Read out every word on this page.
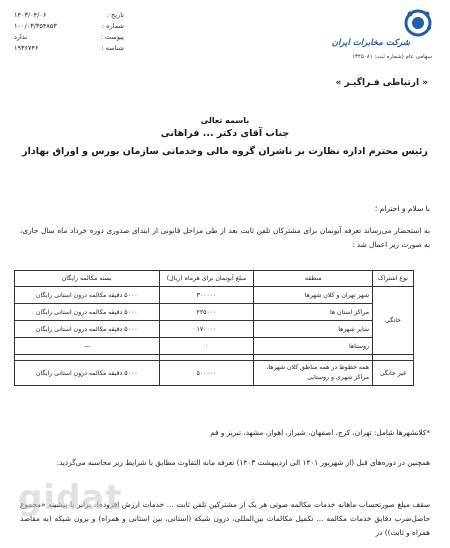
تاریخ :
۱۴۰۳/۰۴/۰۶
شماره :
۱۰۰/۰۳/۳۵۴۸۵۳
پیوست :
ندارد
شناسه :
۱۹۳۶۷۴۶	شرکت مخابرات ایران
سهامی عام (شماره ثبت: ۳۴۵۰۸۱)
« ارتباطی فـراگیـر »
باسمه تعالی
جناب آقای دکتر ... فراهانی
رئیس محترم اداره نظارت بر ناشران گروه مالی وخدماتی سازمان بورس و اوراق بهادار
با سلام و احترام ؛
به استحضار می‌رساند تعرفه آبونمان برای مشترکان تلفن ثابت بعد از طی مراحل قانونی از ابتدای صدوری دوره خرداد ماه سال جاری، به صورت زیر اعمال شد :
نوع اشتراک	منطقه	مبلغ آبونمان برای هرماه (ریال)	بسته مکالمه رایگان
خانگی	شهر تهران و کلان شهرها	۳۰۰۰۰۰	۵۰۰۰ دقیقه مکالمه درون استانی رایگان
	مراکز استان ها	۲۲۵۰۰۰	۵۰۰۰ دقیقه مکالمه درون استانی رایگان
	سایر شهرها	۱۷۰۰۰۰	۵۰۰۰ دقیقه مکالمه درون استانی رایگان
	روستاها	۰	—

غیر خانگی	همه خطوط در همه مناطق کلان شهرها،
مراکز شهری و روستایی	۵۰۰۰۰۰	۵۰۰۰ دقیقه مکالمه درون استانی رایگان
*کلانشهرها شامل: تهران، کرج، اصفهان، شیراز، اهواز، مشهد، تبریز و قم
همچنین در دوره‌های قبل (از شهریور ۱۴۰۱ الی اردیبهشت ۱۴۰۳) تعرفه مابه التفاوت مطابق با شرایط زیر محاسبه می‌گردید:
سقف مبلغ صورتحساب ماهانه خدمات مکالمه صوتی هر یک از مشترکین تلفن ثابت ... خدمات ارزش افزوده)، برابر با بیشینه «مجموع حاصل‌ضرب دقایق خدمات مکالمه ... تکمیل مکالمات بین‌المللی، درون شبکه (استانی، بین استانی و همراه) و برون شبکه (به مقاصد همراه و ثابت)) در
gidat
